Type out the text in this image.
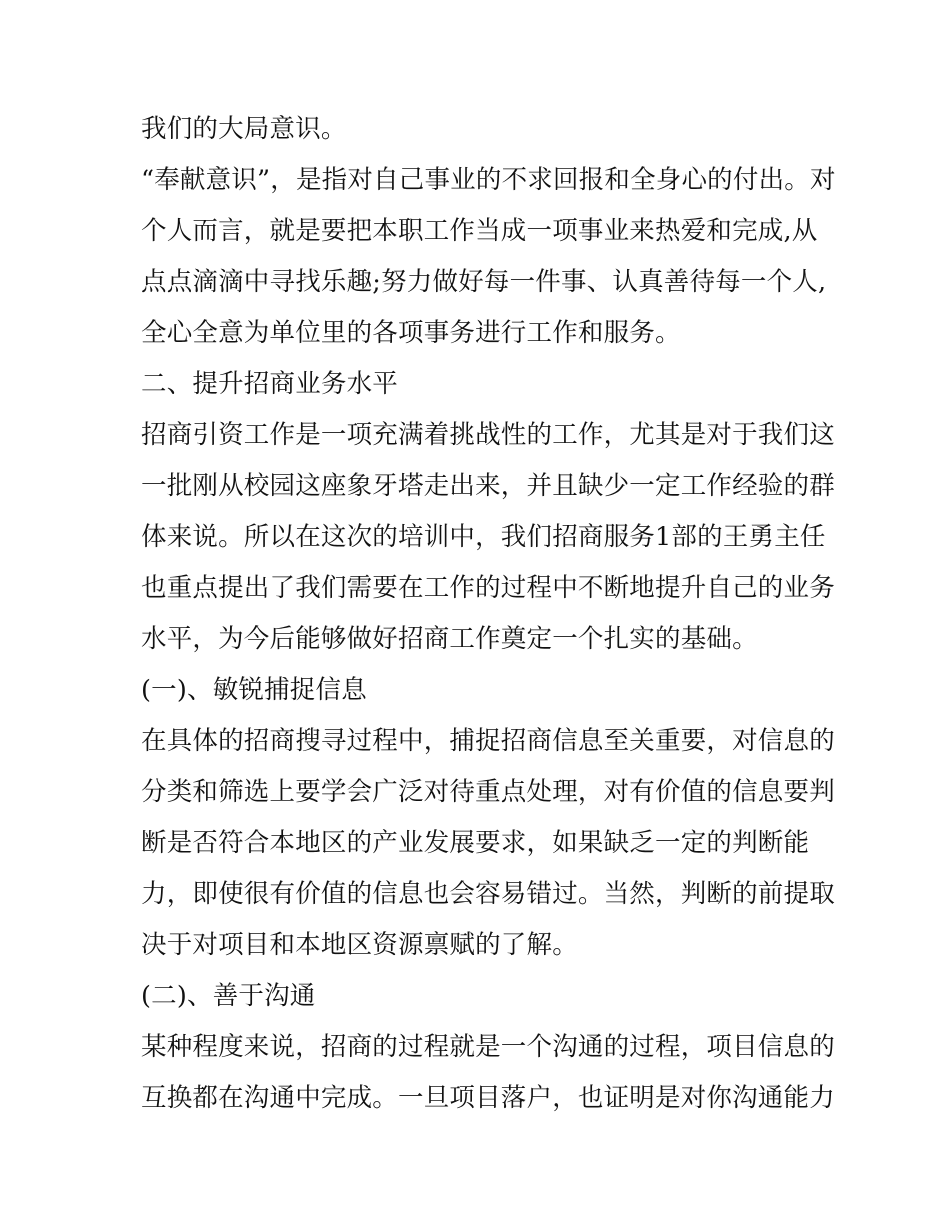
我们的大局意识。
“奉献意识”，是指对自己事业的不求回报和全身心的付出。对
个人而言，就是要把本职工作当成一项事业来热爱和完成,从
点点滴滴中寻找乐趣;努力做好每一件事、认真善待每一个人,
全心全意为单位里的各项事务进行工作和服务。
二、提升招商业务水平
招商引资工作是一项充满着挑战性的工作，尤其是对于我们这
一批刚从校园这座象牙塔走出来，并且缺少一定工作经验的群
体来说。所以在这次的培训中，我们招商服务1部的王勇主任
也重点提出了我们需要在工作的过程中不断地提升自己的业务
水平，为今后能够做好招商工作奠定一个扎实的基础。
(一)、敏锐捕捉信息
在具体的招商搜寻过程中，捕捉招商信息至关重要，对信息的
分类和筛选上要学会广泛对待重点处理，对有价值的信息要判
断是否符合本地区的产业发展要求，如果缺乏一定的判断能
力，即使很有价值的信息也会容易错过。当然，判断的前提取
决于对项目和本地区资源禀赋的了解。
(二)、善于沟通
某种程度来说，招商的过程就是一个沟通的过程，项目信息的
互换都在沟通中完成。一旦项目落户，也证明是对你沟通能力
